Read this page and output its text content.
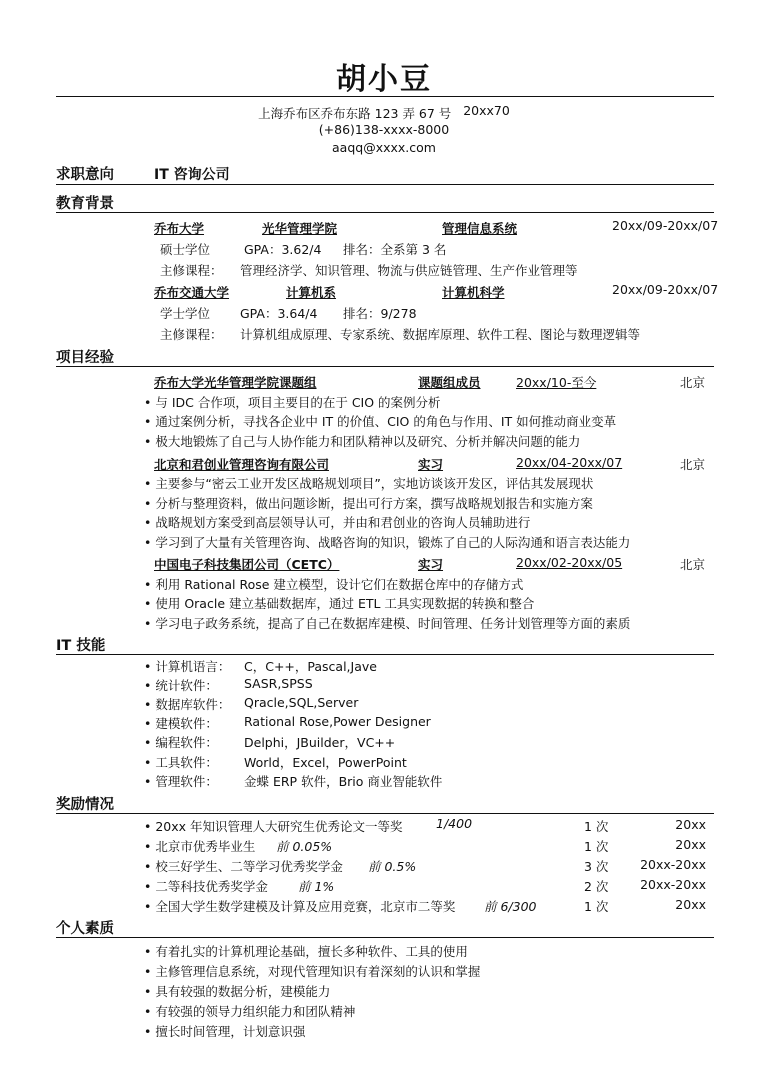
胡小豆
上海乔布区乔布东路 123 弄 67 号 20xx70
(+86)138-xxxx-8000
aaqq@xxxx.com
求职意向	IT 咨询公司
教育背景
乔布大学	光华管理学院	管理信息系统	20xx/09-20xx/07
硕士学位	GPA：3.62/4 排名：全系第 3 名
主修课程： 管理经济学、知识管理、物流与供应链管理、生产作业管理等
乔布交通大学	计算机系	计算机科学	20xx/09-20xx/07
学士学位 GPA：3.64/4 排名：9/278
主修课程： 计算机组成原理、专家系统、数据库原理、软件工程、图论与数理逻辑等
项目经验
乔布大学光华管理学院课题组	课题组成员	20xx/10-至今	北京
• 与 IDC 合作项，项目主要目的在于 CIO 的案例分析
• 通过案例分析，寻找各企业中 IT 的价值、CIO 的角色与作用、IT 如何推动商业变革
• 极大地锻炼了自己与人协作能力和团队精神以及研究、分析并解决问题的能力
北京和君创业管理咨询有限公司	实习	20xx/04-20xx/07	北京
• 主要参与“密云工业开发区战略规划项目”，实地访谈该开发区，评估其发展现状
• 分析与整理资料，做出问题诊断，提出可行方案，撰写战略规划报告和实施方案
• 战略规划方案受到高层领导认可，并由和君创业的咨询人员辅助进行
• 学习到了大量有关管理咨询、战略咨询的知识，锻炼了自己的人际沟通和语言表达能力
中国电子科技集团公司（CETC）	实习	20xx/02-20xx/05	北京
• 利用 Rational Rose 建立模型，设计它们在数据仓库中的存储方式
• 使用 Oracle 建立基础数据库，通过 ETL 工具实现数据的转换和整合
• 学习电子政务系统，提高了自己在数据库建模、时间管理、任务计划管理等方面的素质
IT 技能
• 计算机语言： C，C++，Pascal,Jave
• 统计软件： SASR,SPSS
• 数据库软件： Qracle,SQL,Server
• 建模软件： Rational Rose,Power Designer
• 编程软件： Delphi，JBuilder，VC++
• 工具软件： World，Excel，PowerPoint
• 管理软件： 金蝶 ERP 软件，Brio 商业智能软件
奖励情况
• 20xx 年知识管理人大研究生优秀论文一等奖	1/400	1 次	20xx
• 北京市优秀毕业生 前 0.05%	1 次	20xx
• 校三好学生、二等学习优秀奖学金 前 0.5%	3 次	20xx-20xx
• 二等科技优秀奖学金 前 1%	2 次	20xx-20xx
• 全国大学生数学建模及计算及应用竞赛，北京市二等奖 前 6/300	1 次	20xx
个人素质
• 有着扎实的计算机理论基础，擅长多种软件、工具的使用
• 主修管理信息系统，对现代管理知识有着深刻的认识和掌握
• 具有较强的数据分析，建模能力
• 有较强的领导力组织能力和团队精神
• 擅长时间管理，计划意识强
